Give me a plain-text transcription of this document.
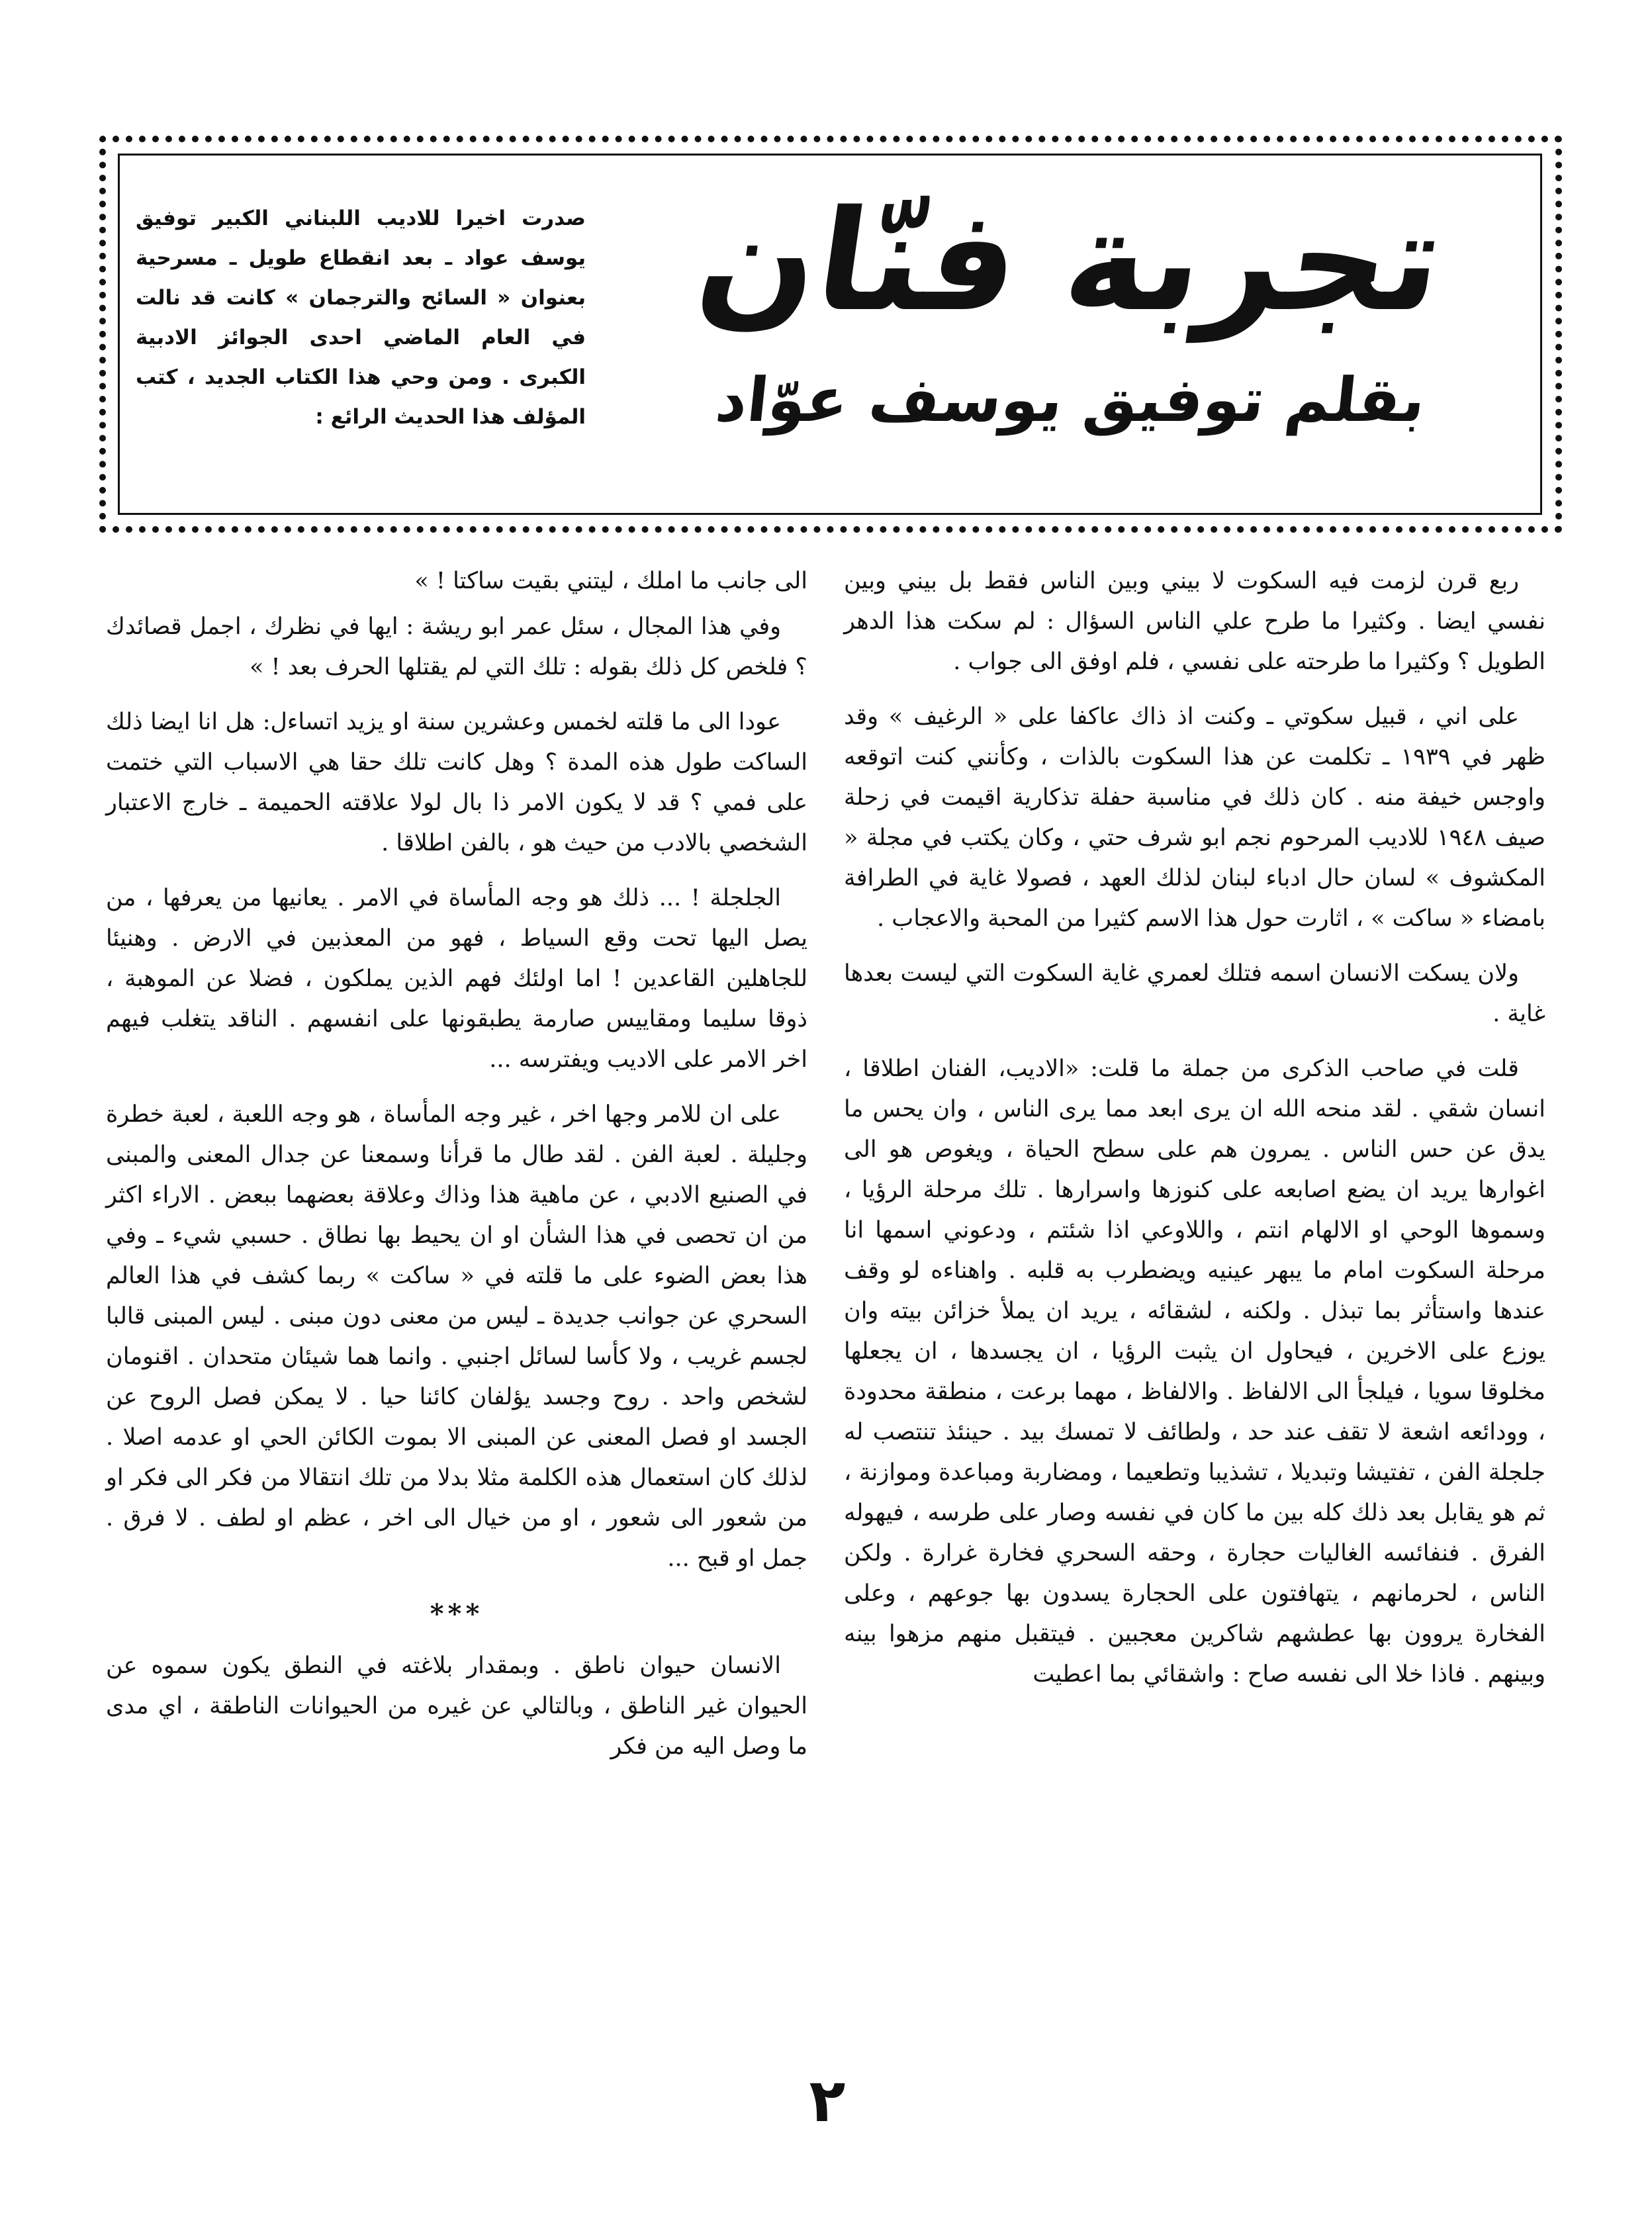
تجربة فنّان
بقلم توفيق يوسف عوّاد
صدرت اخيرا للاديب اللبناني الكبير توفيق يوسف عواد ـ بعد انقطاع طويل ـ مسرحية بعنوان « السائح والترجمان » كانت قد نالت في العام الماضي احدى الجوائز الادبية الكبرى . ومن وحي هذا الكتاب الجديد ، كتب المؤلف هذا الحديث الرائع :

ربع قرن لزمت فيه السكوت لا بيني وبين الناس فقط بل بيني وبين نفسي ايضا . وكثيرا ما طرح علي الناس السؤال : لم سكت هذا الدهر الطويل ؟ وكثيرا ما طرحته على نفسي ، فلم اوفق الى جواب .

على اني ، قبيل سكوتي ـ وكنت اذ ذاك عاكفا على « الرغيف » وقد ظهر في ١٩٣٩ ـ تكلمت عن هذا السكوت بالذات ، وكأنني كنت اتوقعه واوجس خيفة منه . كان ذلك في مناسبة حفلة تذكارية اقيمت في زحلة صيف ١٩٤٨ للاديب المرحوم نجم ابو شرف حتي ، وكان يكتب في مجلة « المكشوف » لسان حال ادباء لبنان لذلك العهد ، فصولا غاية في الطرافة بامضاء « ساكت » ، اثارت حول هذا الاسم كثيرا من المحبة والاعجاب .

ولان يسكت الانسان اسمه فتلك لعمري غاية السكوت التي ليست بعدها غاية .

قلت في صاحب الذكرى من جملة ما قلت: «الاديب، الفنان اطلاقا ، انسان شقي . لقد منحه الله ان يرى ابعد مما يرى الناس ، وان يحس ما يدق عن حس الناس . يمرون هم على سطح الحياة ، ويغوص هو الى اغوارها يريد ان يضع اصابعه على كنوزها واسرارها . تلك مرحلة الرؤيا ، وسموها الوحي او الالهام انتم ، واللاوعي اذا شئتم ، ودعوني اسمها انا مرحلة السكوت امام ما يبهر عينيه ويضطرب به قلبه . واهناءه لو وقف عندها واستأثر بما تبذل . ولكنه ، لشقائه ، يريد ان يملأ خزائن بيته وان يوزع على الاخرين ، فيحاول ان يثبت الرؤيا ، ان يجسدها ، ان يجعلها مخلوقا سويا ، فيلجأ الى الالفاظ . والالفاظ ، مهما برعت ، منطقة محدودة ، وودائعه اشعة لا تقف عند حد ، ولطائف لا تمسك بيد . حينئذ تنتصب له جلجلة الفن ، تفتيشا وتبديلا ، تشذيبا وتطعيما ، ومضاربة ومباعدة وموازنة ، ثم هو يقابل بعد ذلك كله بين ما كان في نفسه وصار على طرسه ، فيهوله الفرق . فنفائسه الغاليات حجارة ، وحقه السحري فخارة غرارة . ولكن الناس ، لحرمانهم ، يتهافتون على الحجارة يسدون بها جوعهم ، وعلى الفخارة يروون بها عطشهم شاكرين معجبين . فيتقبل منهم مزهوا بينه وبينهم . فاذا خلا الى نفسه صاح : واشقائي بما اعطيت

الى جانب ما املك ، ليتني بقيت ساكتا ! »

وفي هذا المجال ، سئل عمر ابو ريشة : ايها في نظرك ، اجمل قصائدك ؟ فلخص كل ذلك بقوله : تلك التي لم يقتلها الحرف بعد ! »

عودا الى ما قلته لخمس وعشرين سنة او يزيد اتساءل: هل انا ايضا ذلك الساكت طول هذه المدة ؟ وهل كانت تلك حقا هي الاسباب التي ختمت على فمي ؟ قد لا يكون الامر ذا بال لولا علاقته الحميمة ـ خارج الاعتبار الشخصي بالادب من حيث هو ، بالفن اطلاقا .

الجلجلة ! ... ذلك هو وجه المأساة في الامر . يعانيها من يعرفها ، من يصل اليها تحت وقع السياط ، فهو من المعذبين في الارض . وهنيئا للجاهلين القاعدين ! اما اولئك فهم الذين يملكون ، فضلا عن الموهبة ، ذوقا سليما ومقاييس صارمة يطبقونها على انفسهم . الناقد يتغلب فيهم اخر الامر على الاديب ويفترسه ...

على ان للامر وجها اخر ، غير وجه المأساة ، هو وجه اللعبة ، لعبة خطرة وجليلة . لعبة الفن . لقد طال ما قرأنا وسمعنا عن جدال المعنى والمبنى في الصنيع الادبي ، عن ماهية هذا وذاك وعلاقة بعضهما ببعض . الاراء اكثر من ان تحصى في هذا الشأن او ان يحيط بها نطاق . حسبي شيء ـ وفي هذا بعض الضوء على ما قلته في « ساكت » ربما كشف في هذا العالم السحري عن جوانب جديدة ـ ليس من معنى دون مبنى . ليس المبنى قالبا لجسم غريب ، ولا كأسا لسائل اجنبي . وانما هما شيئان متحدان . اقنومان لشخص واحد . روح وجسد يؤلفان كائنا حيا . لا يمكن فصل الروح عن الجسد او فصل المعنى عن المبنى الا بموت الكائن الحي او عدمه اصلا . لذلك كان استعمال هذه الكلمة مثلا بدلا من تلك انتقالا من فكر الى فكر او من شعور الى شعور ، او من خيال الى اخر ، عظم او لطف . لا فرق . جمل او قبح ...

***

الانسان حيوان ناطق . وبمقدار بلاغته في النطق يكون سموه عن الحيوان غير الناطق ، وبالتالي عن غيره من الحيوانات الناطقة ، اي مدى ما وصل اليه من فكر

٢
